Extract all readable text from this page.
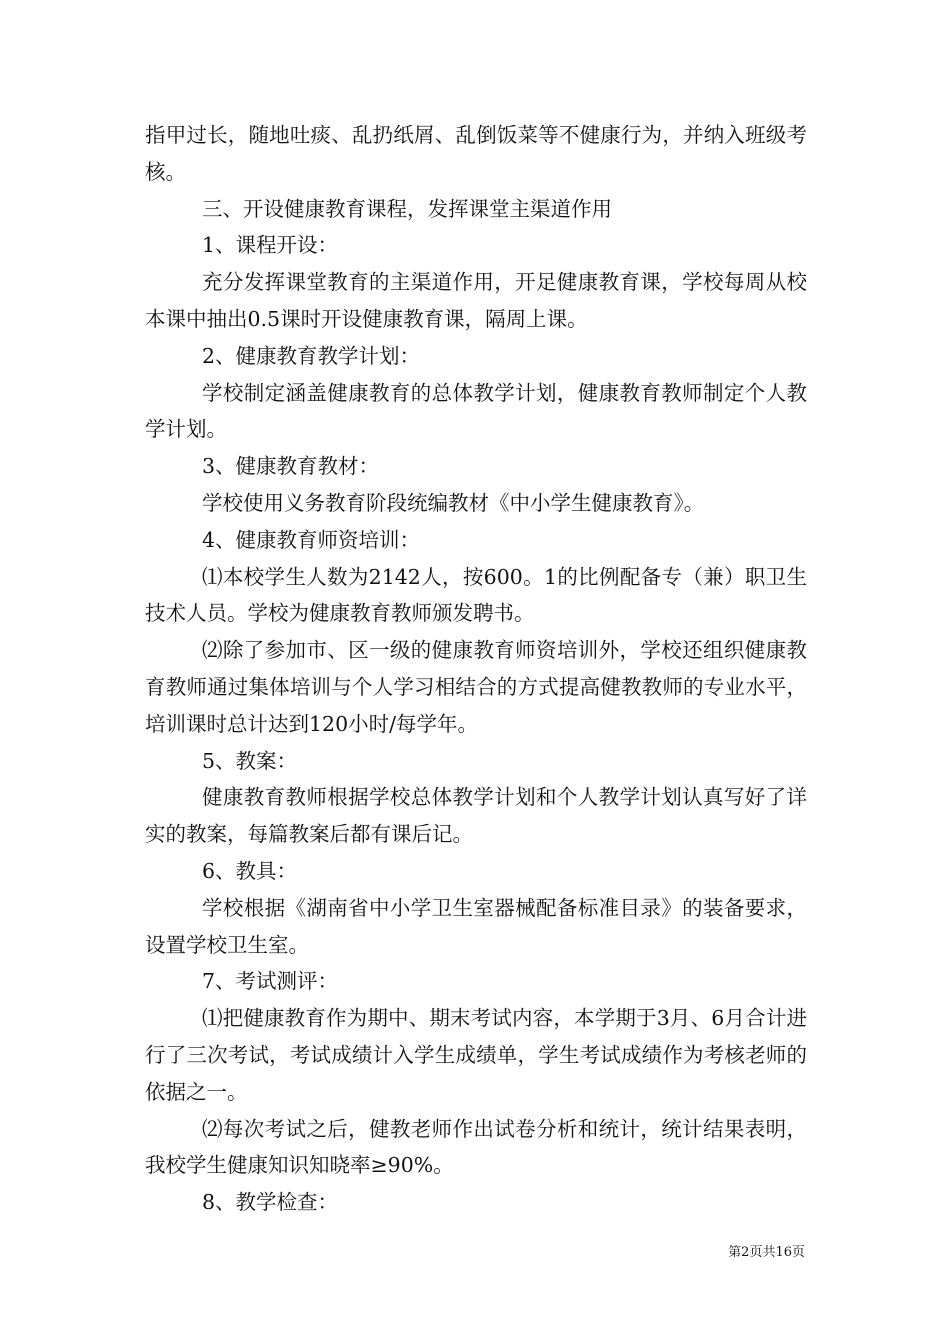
指甲过长，随地吐痰、乱扔纸屑、乱倒饭菜等不健康行为，并纳入班级考核。

三、开设健康教育课程，发挥课堂主渠道作用

1、课程开设：

充分发挥课堂教育的主渠道作用，开足健康教育课，学校每周从校本课中抽出0.5课时开设健康教育课，隔周上课。

2、健康教育教学计划：

学校制定涵盖健康教育的总体教学计划，健康教育教师制定个人教学计划。

3、健康教育教材：

学校使用义务教育阶段统编教材《中小学生健康教育》。

4、健康教育师资培训：

⑴本校学生人数为2142人，按600。1的比例配备专（兼）职卫生技术人员。学校为健康教育教师颁发聘书。

⑵除了参加市、区一级的健康教育师资培训外，学校还组织健康教育教师通过集体培训与个人学习相结合的方式提高健教教师的专业水平，培训课时总计达到120小时/每学年。

5、教案：

健康教育教师根据学校总体教学计划和个人教学计划认真写好了详实的教案，每篇教案后都有课后记。

6、教具：

学校根据《湖南省中小学卫生室器械配备标准目录》的装备要求，设置学校卫生室。

7、考试测评：

⑴把健康教育作为期中、期末考试内容，本学期于3月、6月合计进行了三次考试，考试成绩计入学生成绩单，学生考试成绩作为考核老师的依据之一。

⑵每次考试之后，健教老师作出试卷分析和统计，统计结果表明，我校学生健康知识知晓率≥90%。

8、教学检查：

第2页共16页
